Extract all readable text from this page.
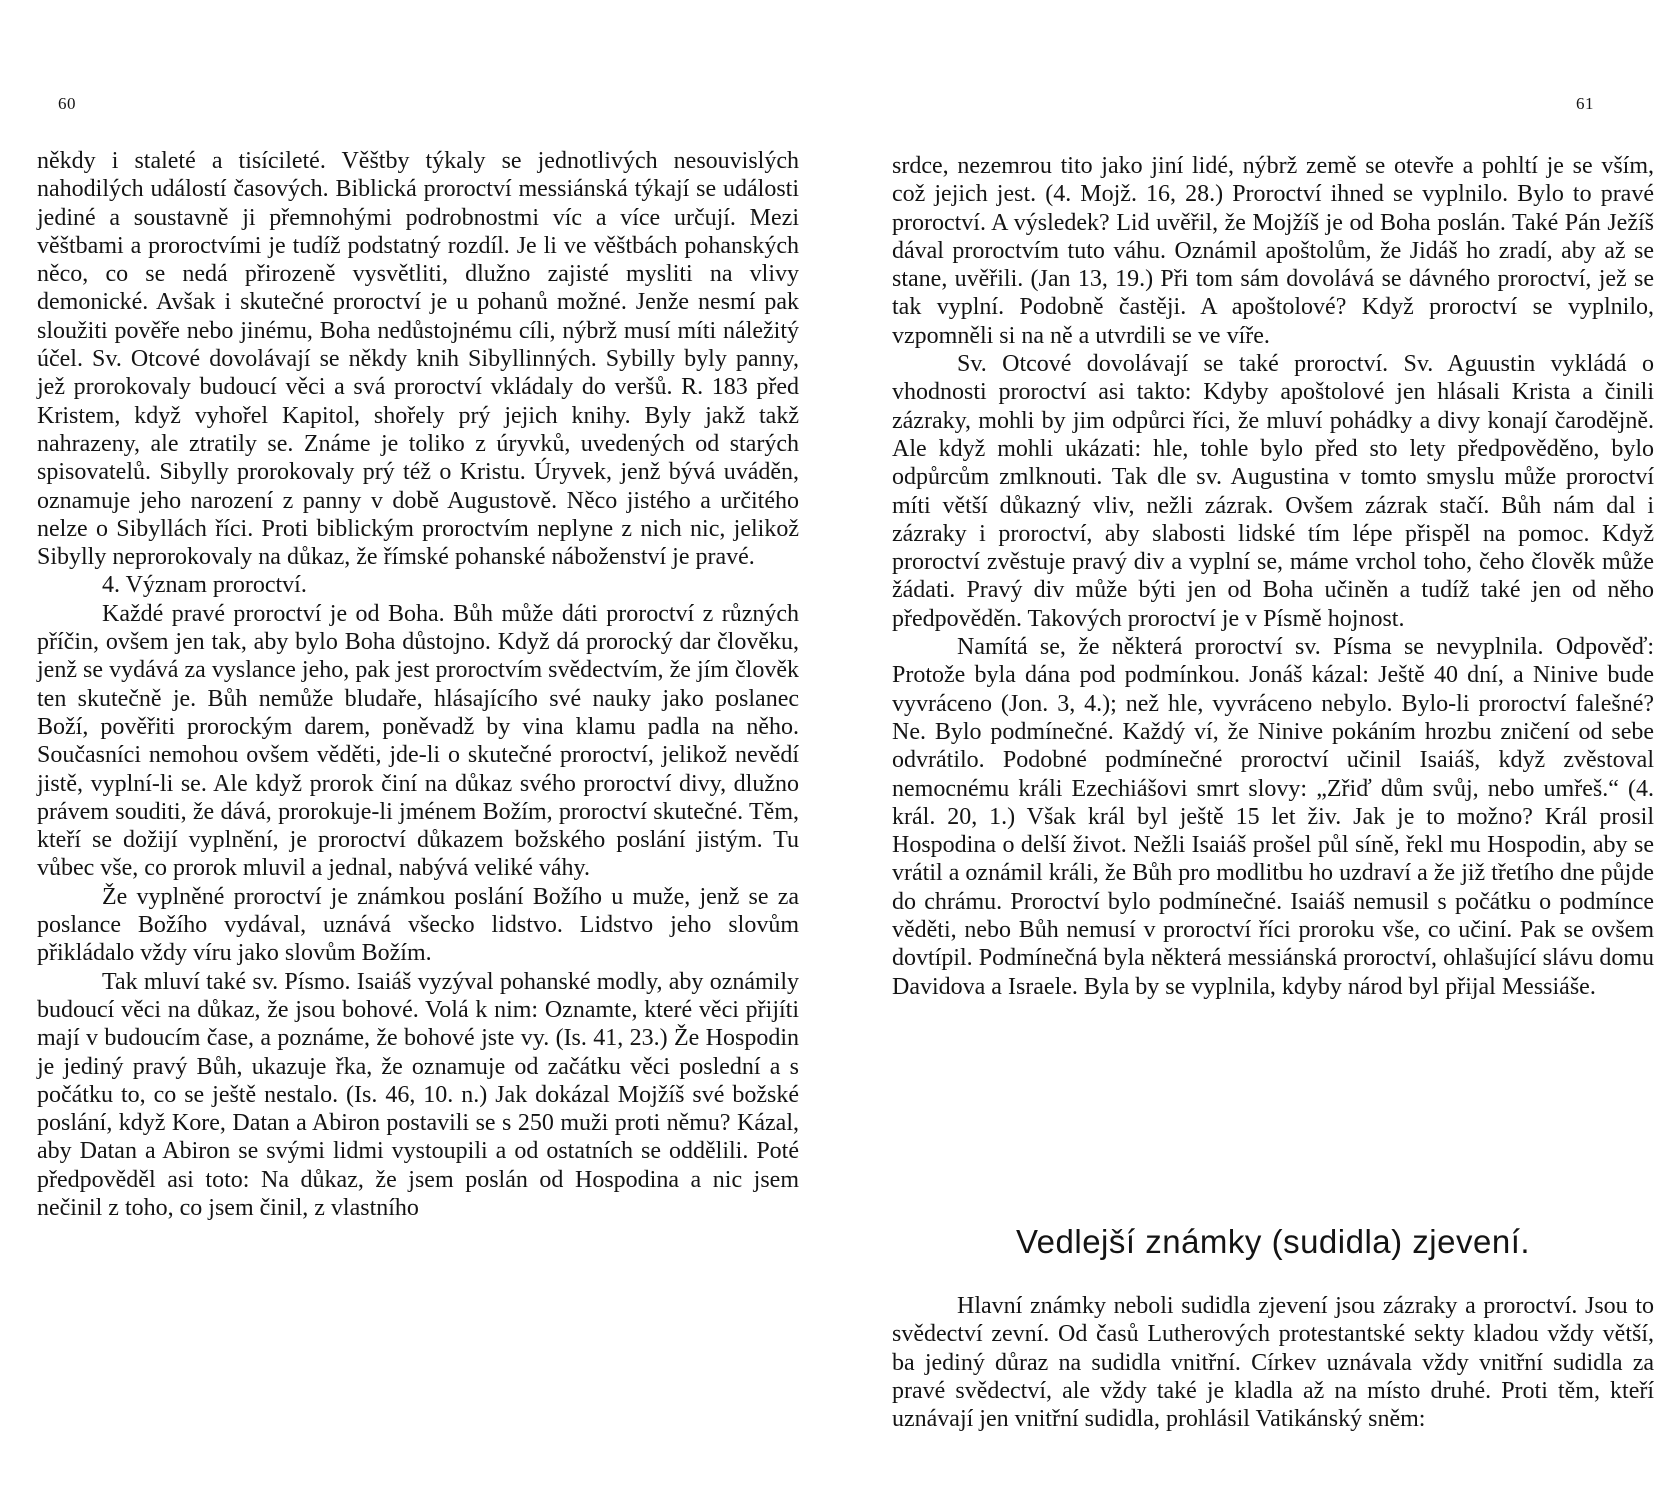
60

někdy i staleté a tisícileté. Věštby týkaly se jednotlivých nesouvislých nahodilých událostí časových. Biblická proroctví messiánská týkají se události jediné a soustavně ji přemnohými podrobnostmi víc a více určují. Mezi věštbami a proroctvími je tudíž podstatný rozdíl. Je li ve věštbách pohanských něco, co se nedá přirozeně vysvětliti, dlužno zajisté mysliti na vlivy demonické. Avšak i skutečné proroctví je u pohanů možné. Jenže nesmí pak sloužiti pověře nebo jinému, Boha nedůstojnému cíli, nýbrž musí míti náležitý účel. Sv. Otcové dovolávají se někdy knih Sibyllinných. Sybilly byly panny, jež prorokovaly budoucí věci a svá proroctví vkládaly do veršů. R. 183 před Kristem, když vyhořel Kapitol, shořely prý jejich knihy. Byly jakž takž nahrazeny, ale ztratily se. Známe je toliko z úryvků, uvedených od starých spisovatelů. Sibylly prorokovaly prý též o Kristu. Úryvek, jenž bývá uváděn, oznamuje jeho narození z panny v době Augustově. Něco jistého a určitého nelze o Sibyllách říci. Proti biblickým proroctvím neplyne z nich nic, jelikož Sibylly neprorokovaly na důkaz, že římské pohanské náboženství je pravé.

4. Význam proroctví.

Každé pravé proroctví je od Boha. Bůh může dáti proroctví z různých příčin, ovšem jen tak, aby bylo Boha důstojno. Když dá prorocký dar člověku, jenž se vydává za vyslance jeho, pak jest proroctvím svědectvím, že jím člověk ten skutečně je. Bůh nemůže bludaře, hlásajícího své nauky jako poslanec Boží, pověřiti prorockým darem, poněvadž by vina klamu padla na něho. Současníci nemohou ovšem věděti, jde-li o skutečné proroctví, jelikož nevědí jistě, vyplní-li se. Ale když prorok činí na důkaz svého proroctví divy, dlužno právem souditi, že dává, prorokuje-li jménem Božím, proroctví skutečné. Těm, kteří se dožijí vyplnění, je proroctví důkazem božského poslání jistým. Tu vůbec vše, co prorok mluvil a jednal, nabývá veliké váhy.

Že vyplněné proroctví je známkou poslání Božího u muže, jenž se za poslance Božího vydával, uznává všecko lidstvo. Lidstvo jeho slovům přikládalo vždy víru jako slovům Božím.

Tak mluví také sv. Písmo. Isaiáš vyzýval pohanské modly, aby oznámily budoucí věci na důkaz, že jsou bohové. Volá k nim: Oznamte, které věci přijíti mají v budoucím čase, a poznáme, že bohové jste vy. (Is. 41, 23.) Že Hospodin je jediný pravý Bůh, ukazuje řka, že oznamuje od začátku věci poslední a s počátku to, co se ještě nestalo. (Is. 46, 10. n.) Jak dokázal Mojžíš své božské poslání, když Kore, Datan a Abiron postavili se s 250 muži proti němu? Kázal, aby Datan a Abiron se svými lidmi vystoupili a od ostatních se oddělili. Poté předpověděl asi toto: Na důkaz, že jsem poslán od Hospodina a nic jsem nečinil z toho, co jsem činil, z vlastního

61

srdce, nezemrou tito jako jiní lidé, nýbrž země se otevře a pohltí je se vším, což jejich jest. (4. Mojž. 16, 28.) Proroctví ihned se vyplnilo. Bylo to pravé proroctví. A výsledek? Lid uvěřil, že Mojžíš je od Boha poslán. Také Pán Ježíš dával proroctvím tuto váhu. Oznámil apoštolům, že Jidáš ho zradí, aby až se stane, uvěřili. (Jan 13, 19.) Při tom sám dovolává se dávného proroctví, jež se tak vyplní. Podobně častěji. A apoštolové? Když proroctví se vyplnilo, vzpomněli si na ně a utvrdili se ve víře.

Sv. Otcové dovolávají se také proroctví. Sv. Aguustin vykládá o vhodnosti proroctví asi takto: Kdyby apoštolové jen hlásali Krista a činili zázraky, mohli by jim odpůrci říci, že mluví pohádky a divy konají čarodějně. Ale když mohli ukázati: hle, tohle bylo před sto lety předpověděno, bylo odpůrcům zmlknouti. Tak dle sv. Augustina v tomto smyslu může proroctví míti větší důkazný vliv, nežli zázrak. Ovšem zázrak stačí. Bůh nám dal i zázraky i proroctví, aby slabosti lidské tím lépe přispěl na pomoc. Když proroctví zvěstuje pravý div a vyplní se, máme vrchol toho, čeho člověk může žádati. Pravý div může býti jen od Boha učiněn a tudíž také jen od něho předpověděn. Takových proroctví je v Písmě hojnost.

Namítá se, že některá proroctví sv. Písma se nevyplnila. Odpověď: Protože byla dána pod podmínkou. Jonáš kázal: Ještě 40 dní, a Ninive bude vyvráceno (Jon. 3, 4.); než hle, vyvráceno nebylo. Bylo-li proroctví falešné? Ne. Bylo podmínečné. Každý ví, že Ninive pokáním hrozbu zničení od sebe odvrátilo. Podobné podmínečné proroctví učinil Isaiáš, když zvěstoval nemocnému králi Ezechiášovi smrt slovy: „Zřiď dům svůj, nebo umřeš.“ (4. král. 20, 1.) Však král byl ještě 15 let živ. Jak je to možno? Král prosil Hospodina o delší život. Nežli Isaiáš prošel půl síně, řekl mu Hospodin, aby se vrátil a oznámil králi, že Bůh pro modlitbu ho uzdraví a že již třetího dne půjde do chrámu. Proroctví bylo podmínečné. Isaiáš nemusil s počátku o podmínce věděti, nebo Bůh nemusí v proroctví říci proroku vše, co učiní. Pak se ovšem dovtípil. Podmínečná byla některá messiánská proroctví, ohlašující slávu domu Davidova a Israele. Byla by se vyplnila, kdyby národ byl přijal Messiáše.

Vedlejší známky (sudidla) zjevení.

Hlavní známky neboli sudidla zjevení jsou zázraky a proroctví. Jsou to svědectví zevní. Od časů Lutherových protestantské sekty kladou vždy větší, ba jediný důraz na sudidla vnitřní. Církev uznávala vždy vnitřní sudidla za pravé svědectví, ale vždy také je kladla až na místo druhé. Proti těm, kteří uznávají jen vnitřní sudidla, prohlásil Vatikánský sněm:
